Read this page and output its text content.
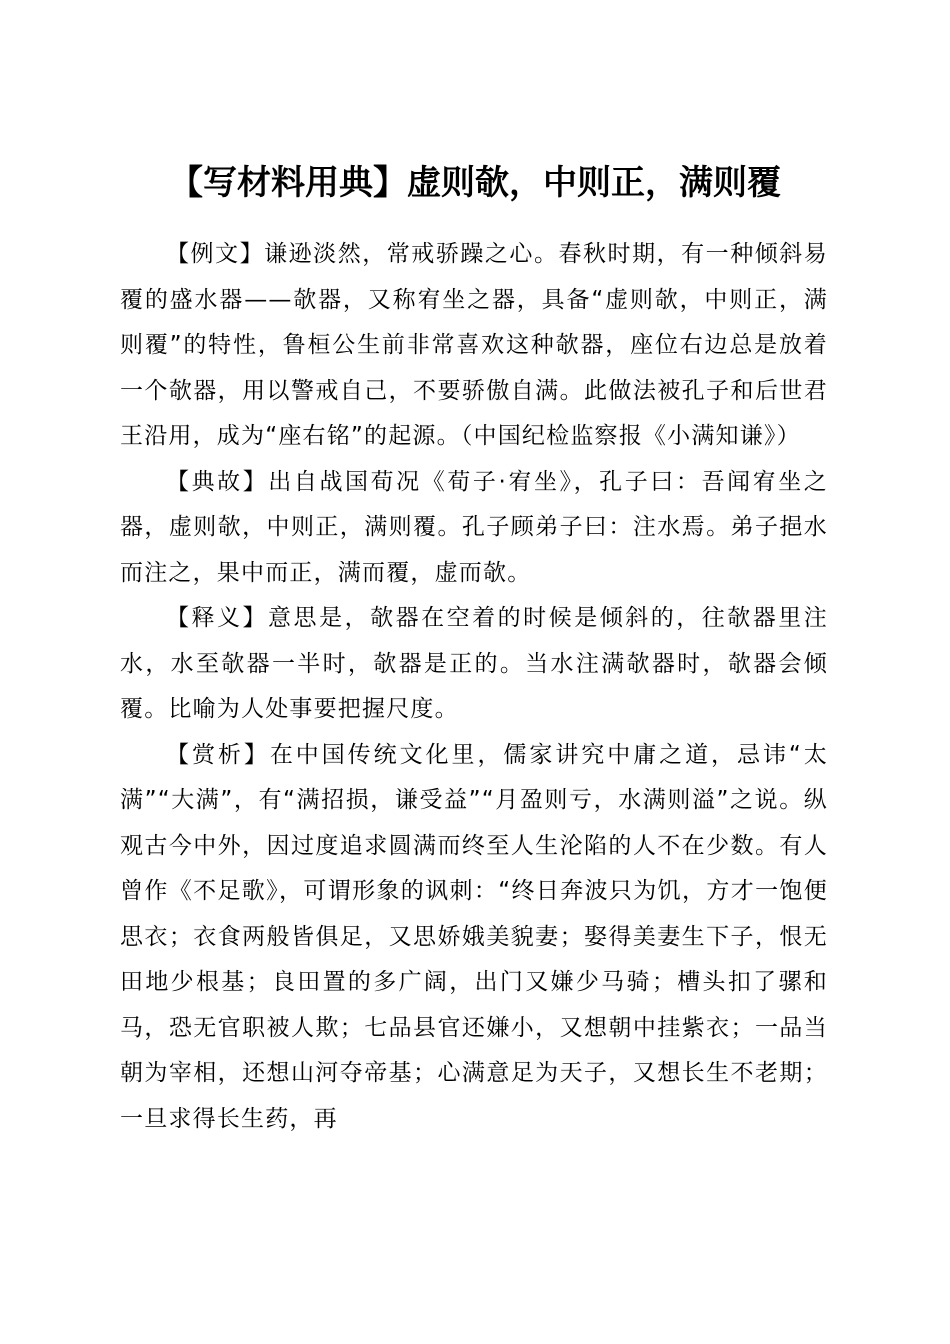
【写材料用典】虚则欹，中则正，满则覆

【例文】谦逊淡然，常戒骄躁之心。春秋时期，有一种倾斜易覆的盛水器——欹器，又称宥坐之器，具备“虚则欹，中则正，满则覆”的特性，鲁桓公生前非常喜欢这种欹器，座位右边总是放着一个欹器，用以警戒自己，不要骄傲自满。此做法被孔子和后世君王沿用，成为“座右铭”的起源。（中国纪检监察报《小满知谦》）

【典故】出自战国荀况《荀子·宥坐》，孔子曰：吾闻宥坐之器，虚则欹，中则正，满则覆。孔子顾弟子曰：注水焉。弟子挹水而注之，果中而正，满而覆，虚而欹。

【释义】意思是，欹器在空着的时候是倾斜的，往欹器里注水，水至欹器一半时，欹器是正的。当水注满欹器时，欹器会倾覆。比喻为人处事要把握尺度。

【赏析】在中国传统文化里，儒家讲究中庸之道，忌讳“太满”“大满”，有“满招损，谦受益”“月盈则亏，水满则溢”之说。纵观古今中外，因过度追求圆满而终至人生沦陷的人不在少数。有人曾作《不足歌》，可谓形象的讽刺：“终日奔波只为饥，方才一饱便思衣；衣食两般皆俱足，又思娇娥美貌妻；娶得美妻生下子，恨无田地少根基；良田置的多广阔，出门又嫌少马骑；槽头扣了骡和马，恐无官职被人欺；七品县官还嫌小，又想朝中挂紫衣；一品当朝为宰相，还想山河夺帝基；心满意足为天子，又想长生不老期；一旦求得长生药，再
